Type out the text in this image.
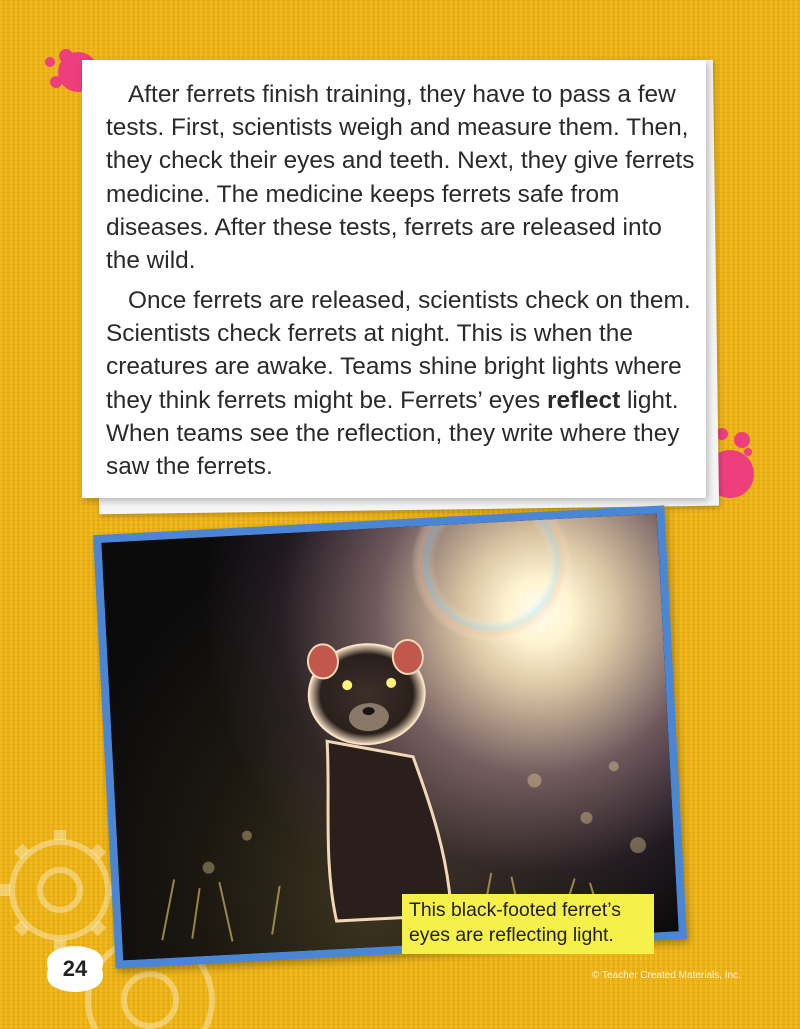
After ferrets finish training, they have to pass a few tests. First, scientists weigh and measure them. Then, they check their eyes and teeth. Next, they give ferrets medicine. The medicine keeps ferrets safe from diseases. After these tests, ferrets are released into the wild.

Once ferrets are released, scientists check on them. Scientists check ferrets at night. This is when the creatures are awake. Teams shine bright lights where they think ferrets might be. Ferrets’ eyes reflect light. When teams see the reflection, they write where they saw the ferrets.

This black-footed ferret’s
eyes are reflecting light.
24	© Teacher Created Materials, Inc.
